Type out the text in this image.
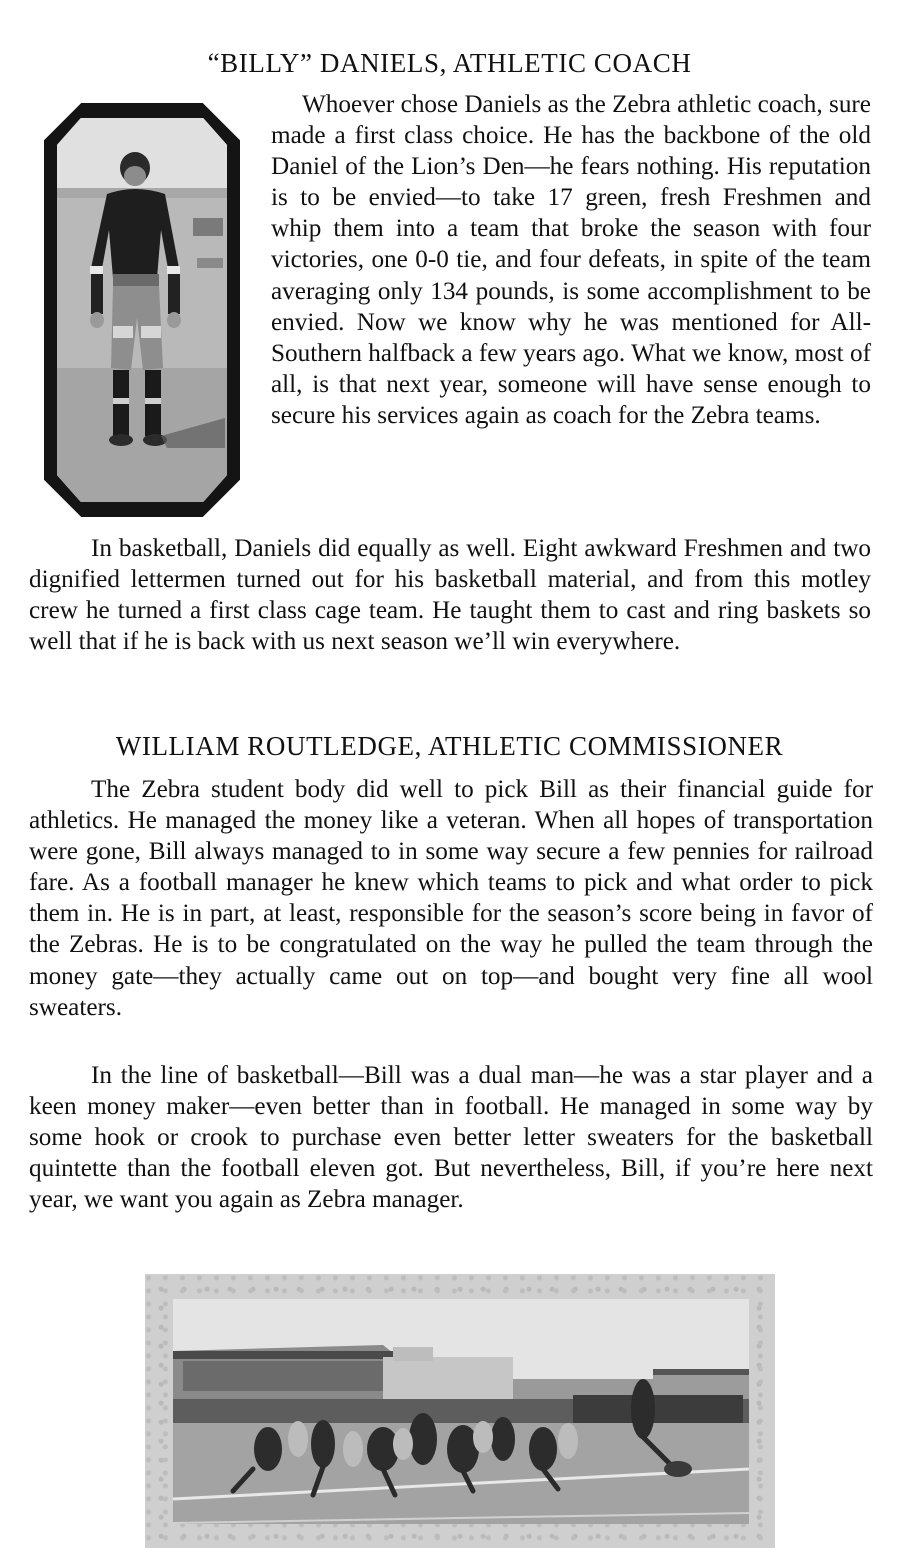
“BILLY” DANIELS, ATHLETIC COACH

Whoever chose Daniels as the Zebra athletic coach, sure made a first class choice. He has the backbone of the old Daniel of the Lion’s Den—he fears nothing. His reputation is to be envied—to take 17 green, fresh Freshmen and whip them into a team that broke the season with four victories, one 0-0 tie, and four defeats, in spite of the team averaging only 134 pounds, is some accomplishment to be envied. Now we know why he was mentioned for All-Southern halfback a few years ago. What we know, most of all, is that next year, someone will have sense enough to secure his services again as coach for the Zebra teams.

In basketball, Daniels did equally as well. Eight awkward Freshmen and two dignified lettermen turned out for his basketball material, and from this motley crew he turned a first class cage team. He taught them to cast and ring baskets so well that if he is back with us next season we’ll win everywhere.

WILLIAM ROUTLEDGE, ATHLETIC COMMISSIONER

The Zebra student body did well to pick Bill as their financial guide for athletics. He managed the money like a veteran. When all hopes of transportation were gone, Bill always managed to in some way secure a few pennies for railroad fare. As a football manager he knew which teams to pick and what order to pick them in. He is in part, at least, responsible for the season’s score being in favor of the Zebras. He is to be congratulated on the way he pulled the team through the money gate—they actually came out on top—and bought very fine all wool sweaters.

In the line of basketball—Bill was a dual man—he was a star player and a keen money maker—even better than in football. He managed in some way by some hook or crook to purchase even better letter sweaters for the basketball quintette than the football eleven got. But nevertheless, Bill, if you’re here next year, we want you again as Zebra manager.
